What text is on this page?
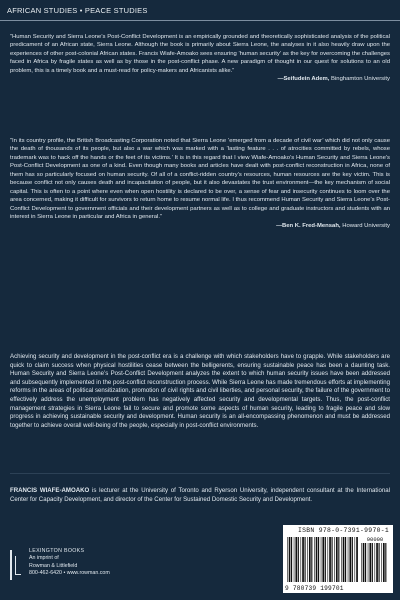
AFRICAN STUDIES • PEACE STUDIES
“Human Security and Sierra Leone’s Post-Conflict Development is an empirically grounded and theoretically sophisticated analysis of the political predicament of an African state, Sierra Leone. Although the book is primarily about Sierra Leone, the analyses in it also heavily draw upon the experiences of other post-colonial African states. Francis Wiafe-Amoako sees ensuring ‘human security’ as the key for overcoming the challenges faced in Africa by fragile states as well as by those in the post-conflict phase. A new paradigm of thought in our quest for solutions to an old problem, this is a timely book and a must-read for policy-makers and Africanists alike.”
—Seifudein Adem, Binghamton University
“In its country profile, the British Broadcasting Corporation noted that Sierra Leone ‘emerged from a decade of civil war’ which did not only cause the death of thousands of its people, but also a war which was marked with a ‘lasting feature . . . of atrocities committed by rebels, whose trademark was to hack off the hands or the feet of its victims.’ It is in this regard that I view Wiafe-Amoako’s Human Security and Sierra Leone’s Post-Conflict Development as one of a kind. Even though many books and articles have dealt with post-conflict reconstruction in Africa, none of them has so particularly focused on human security. Of all of a conflict-ridden country’s resources, human resources are the key victim. This is because conflict not only causes death and incapacitation of people, but it also devastates the trust environment—the key mechanism of social capital. This is often to a point where even when open hostility is declared to be over, a sense of fear and insecurity continues to loom over the area concerned, making it difficult for survivors to return home to resume normal life. I thus recommend Human Security and Sierra Leone’s Post-Conflict Development to government officials and their development partners as well as to college and graduate instructors and students with an interest in Sierra Leone in particular and Africa in general.”
—Ben K. Fred-Mensah, Howard University
Achieving security and development in the post-conflict era is a challenge with which stakeholders have to grapple. While stakeholders are quick to claim success when physical hostilities cease between the belligerents, ensuring sustainable peace has been a daunting task. Human Security and Sierra Leone’s Post-Conflict Development analyzes the extent to which human security issues have been addressed and subsequently implemented in the post-conflict reconstruction process. While Sierra Leone has made tremendous efforts at implementing reforms in the areas of political sensitization, promotion of civil rights and civil liberties, and personal security, the failure of the government to effectively address the unemployment problem has negatively affected security and developmental targets. Thus, the post-conflict management strategies in Sierra Leone fail to secure and promote some aspects of human security, leading to fragile peace and slow progress in achieving sustainable security and development. Human security is an all-encompassing phenomenon and must be addressed together to achieve overall well-being of the people, especially in post-conflict environments.
FRANCIS WIAFE-AMOAKO is lecturer at the University of Toronto and Ryerson University, independent consultant at the International Center for Capacity Development, and director of the Center for Sustained Domestic Security and Development.
LEXINGTON BOOKS
An imprint of
Rowman & Littlefield
800-462-6420 • www.rowman.com
ISBN 978-0-7391-9970-1
90000
9 780739 199701
